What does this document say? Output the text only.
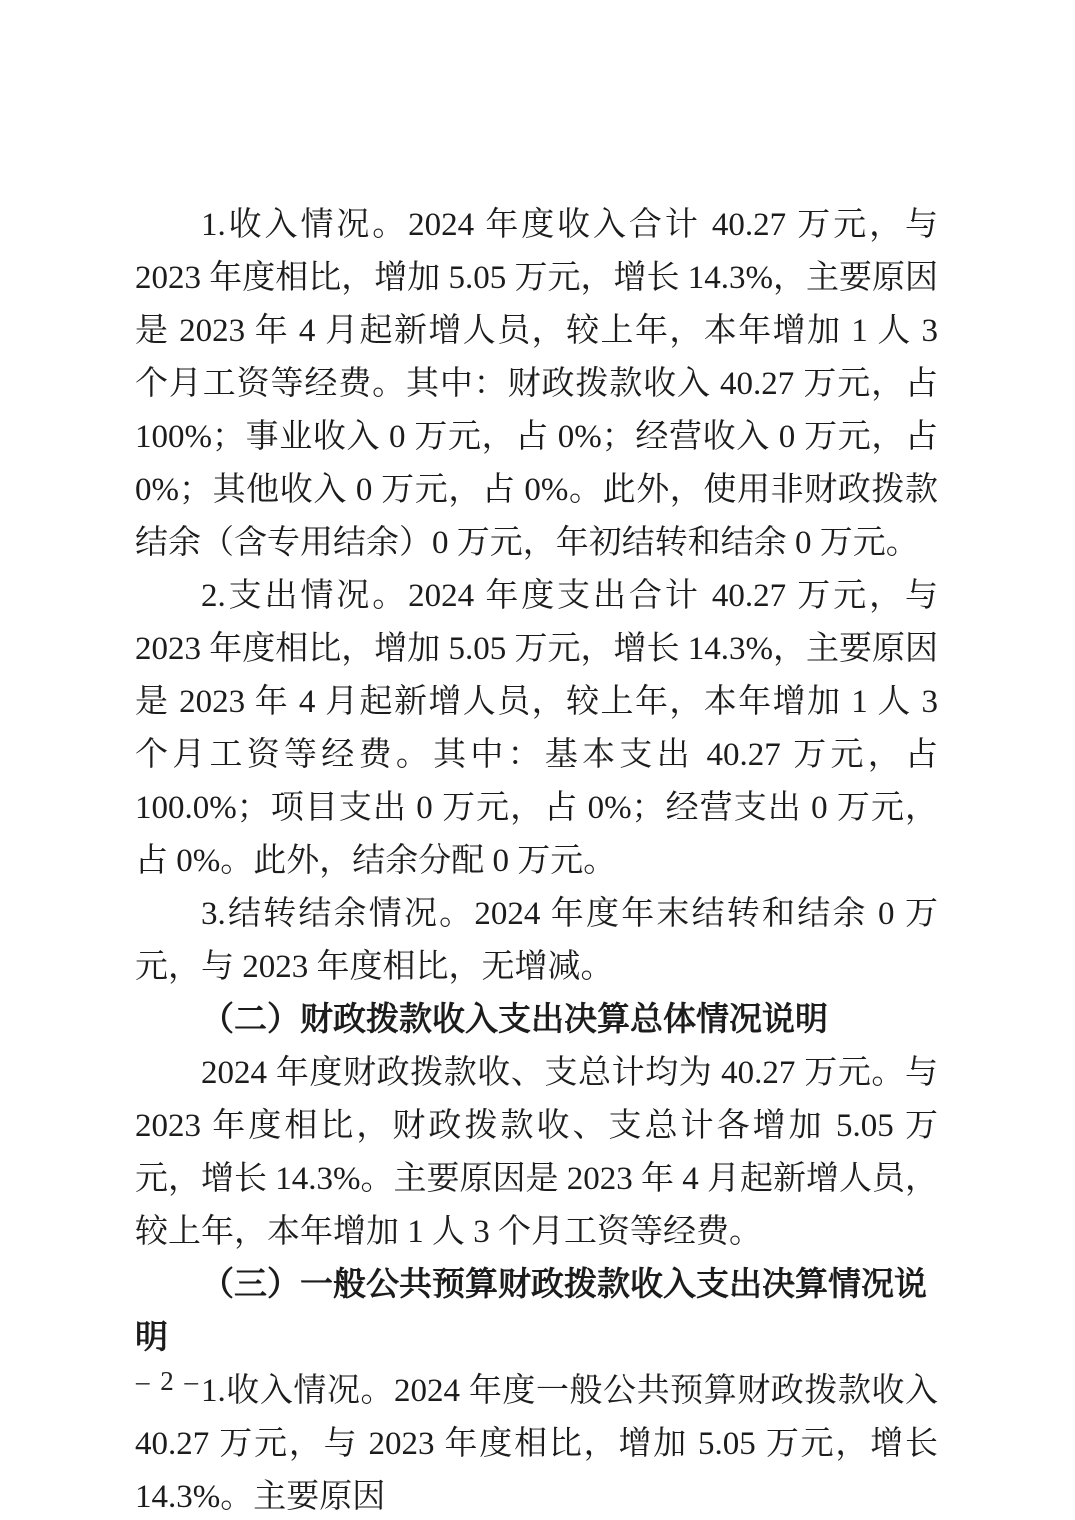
1.收入情况。2024 年度收入合计 40.27 万元，与 2023 年度相比，增加 5.05 万元，增长 14.3%，主要原因是 2023 年 4 月起新增人员，较上年，本年增加 1 人 3 个月工资等经费。其中：财政拨款收入 40.27 万元，占 100%；事业收入 0 万元，占 0%；经营收入 0 万元，占 0%；其他收入 0 万元，占 0%。此外，使用非财政拨款结余（含专用结余）0 万元，年初结转和结余 0 万元。

2.支出情况。2024 年度支出合计 40.27 万元，与 2023 年度相比，增加 5.05 万元，增长 14.3%，主要原因是 2023 年 4 月起新增人员，较上年，本年增加 1 人 3 个月工资等经费。其中：基本支出 40.27 万元，占 100.0%；项目支出 0 万元，占 0%；经营支出 0 万元，占 0%。此外，结余分配 0 万元。

3.结转结余情况。2024 年度年末结转和结余 0 万元，与 2023 年度相比，无增减。

（二）财政拨款收入支出决算总体情况说明

2024 年度财政拨款收、支总计均为 40.27 万元。与 2023 年度相比，财政拨款收、支总计各增加 5.05 万元，增长 14.3%。主要原因是 2023 年 4 月起新增人员，较上年，本年增加 1 人 3 个月工资等经费。

（三）一般公共预算财政拨款收入支出决算情况说明

1.收入情况。2024 年度一般公共预算财政拨款收入 40.27 万元，与 2023 年度相比，增加 5.05 万元，增长 14.3%。主要原因

– 2 –
